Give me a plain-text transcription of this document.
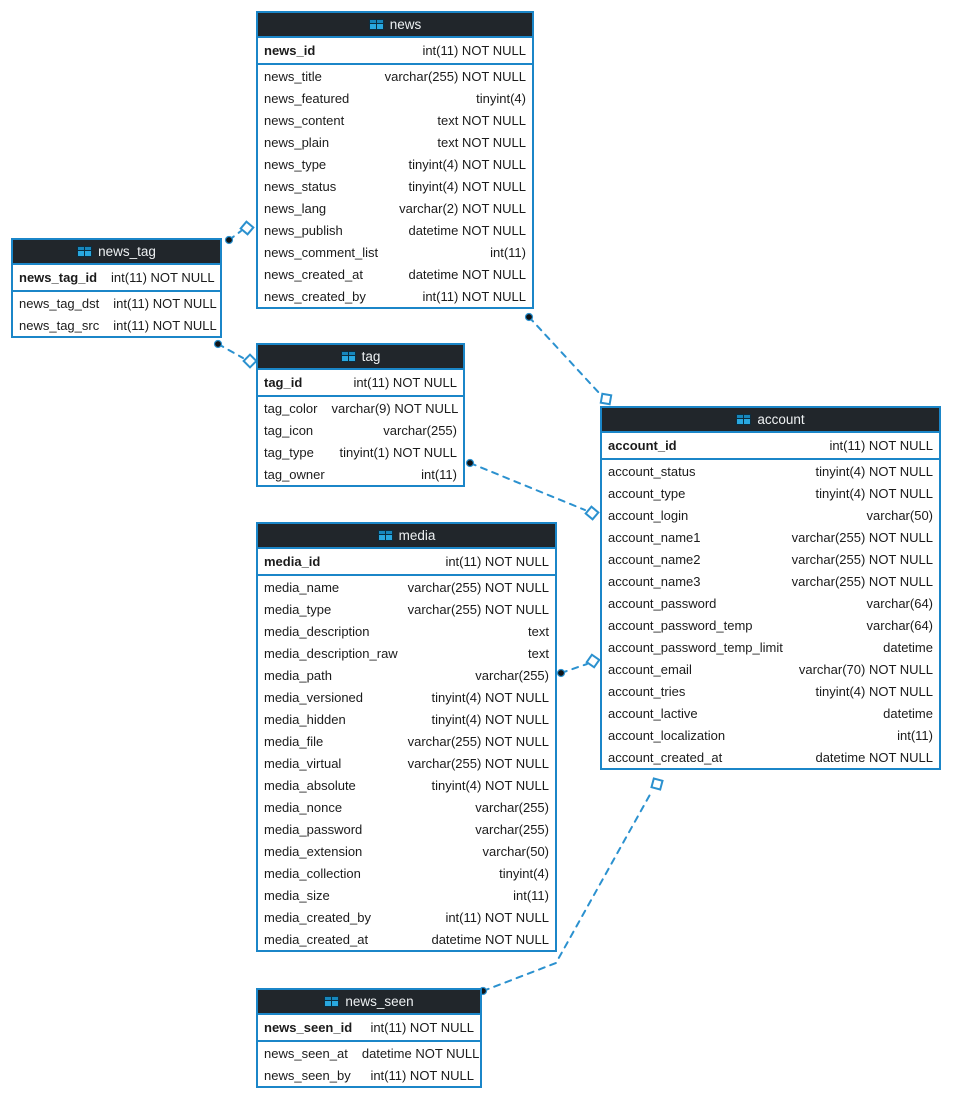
news
news_id	int(11) NOT NULL
news_title	varchar(255) NOT NULL
news_featured	tinyint(4)
news_content	text NOT NULL
news_plain	text NOT NULL
news_type	tinyint(4) NOT NULL
news_status	tinyint(4) NOT NULL
news_lang	varchar(2) NOT NULL
news_publish	datetime NOT NULL
news_comment_list	int(11)
news_created_at	datetime NOT NULL
news_created_by	int(11) NOT NULL
news_tag
news_tag_id int(11) NOT NULL
news_tag_dst int(11) NOT NULL
news_tag_src int(11) NOT NULL
tag
tag_id	int(11) NOT NULL
tag_color varchar(9) NOT NULL
tag_icon	varchar(255)
tag_type tinyint(1) NOT NULL
tag_owner	int(11)
media
media_id	int(11) NOT NULL
media_name	varchar(255) NOT NULL
media_type	varchar(255) NOT NULL
media_description	text
media_description_raw	text
media_path	varchar(255)
media_versioned	tinyint(4) NOT NULL
media_hidden	tinyint(4) NOT NULL
media_file	varchar(255) NOT NULL
media_virtual	varchar(255) NOT NULL
media_absolute	tinyint(4) NOT NULL
media_nonce	varchar(255)
media_password	varchar(255)
media_extension	varchar(50)
media_collection	tinyint(4)
media_size	int(11)
media_created_by	int(11) NOT NULL
media_created_at	datetime NOT NULL
account
account_id	int(11) NOT NULL
account_status	tinyint(4) NOT NULL
account_type	tinyint(4) NOT NULL
account_login	varchar(50)
account_name1	varchar(255) NOT NULL
account_name2	varchar(255) NOT NULL
account_name3	varchar(255) NOT NULL
account_password	varchar(64)
account_password_temp	varchar(64)
account_password_temp_limit	datetime
account_email	varchar(70) NOT NULL
account_tries	tinyint(4) NOT NULL
account_lactive	datetime
account_localization	int(11)
account_created_at	datetime NOT NULL
news_seen
news_seen_id int(11) NOT NULL
news_seen_at datetime NOT NULL
news_seen_by int(11) NOT NULL
